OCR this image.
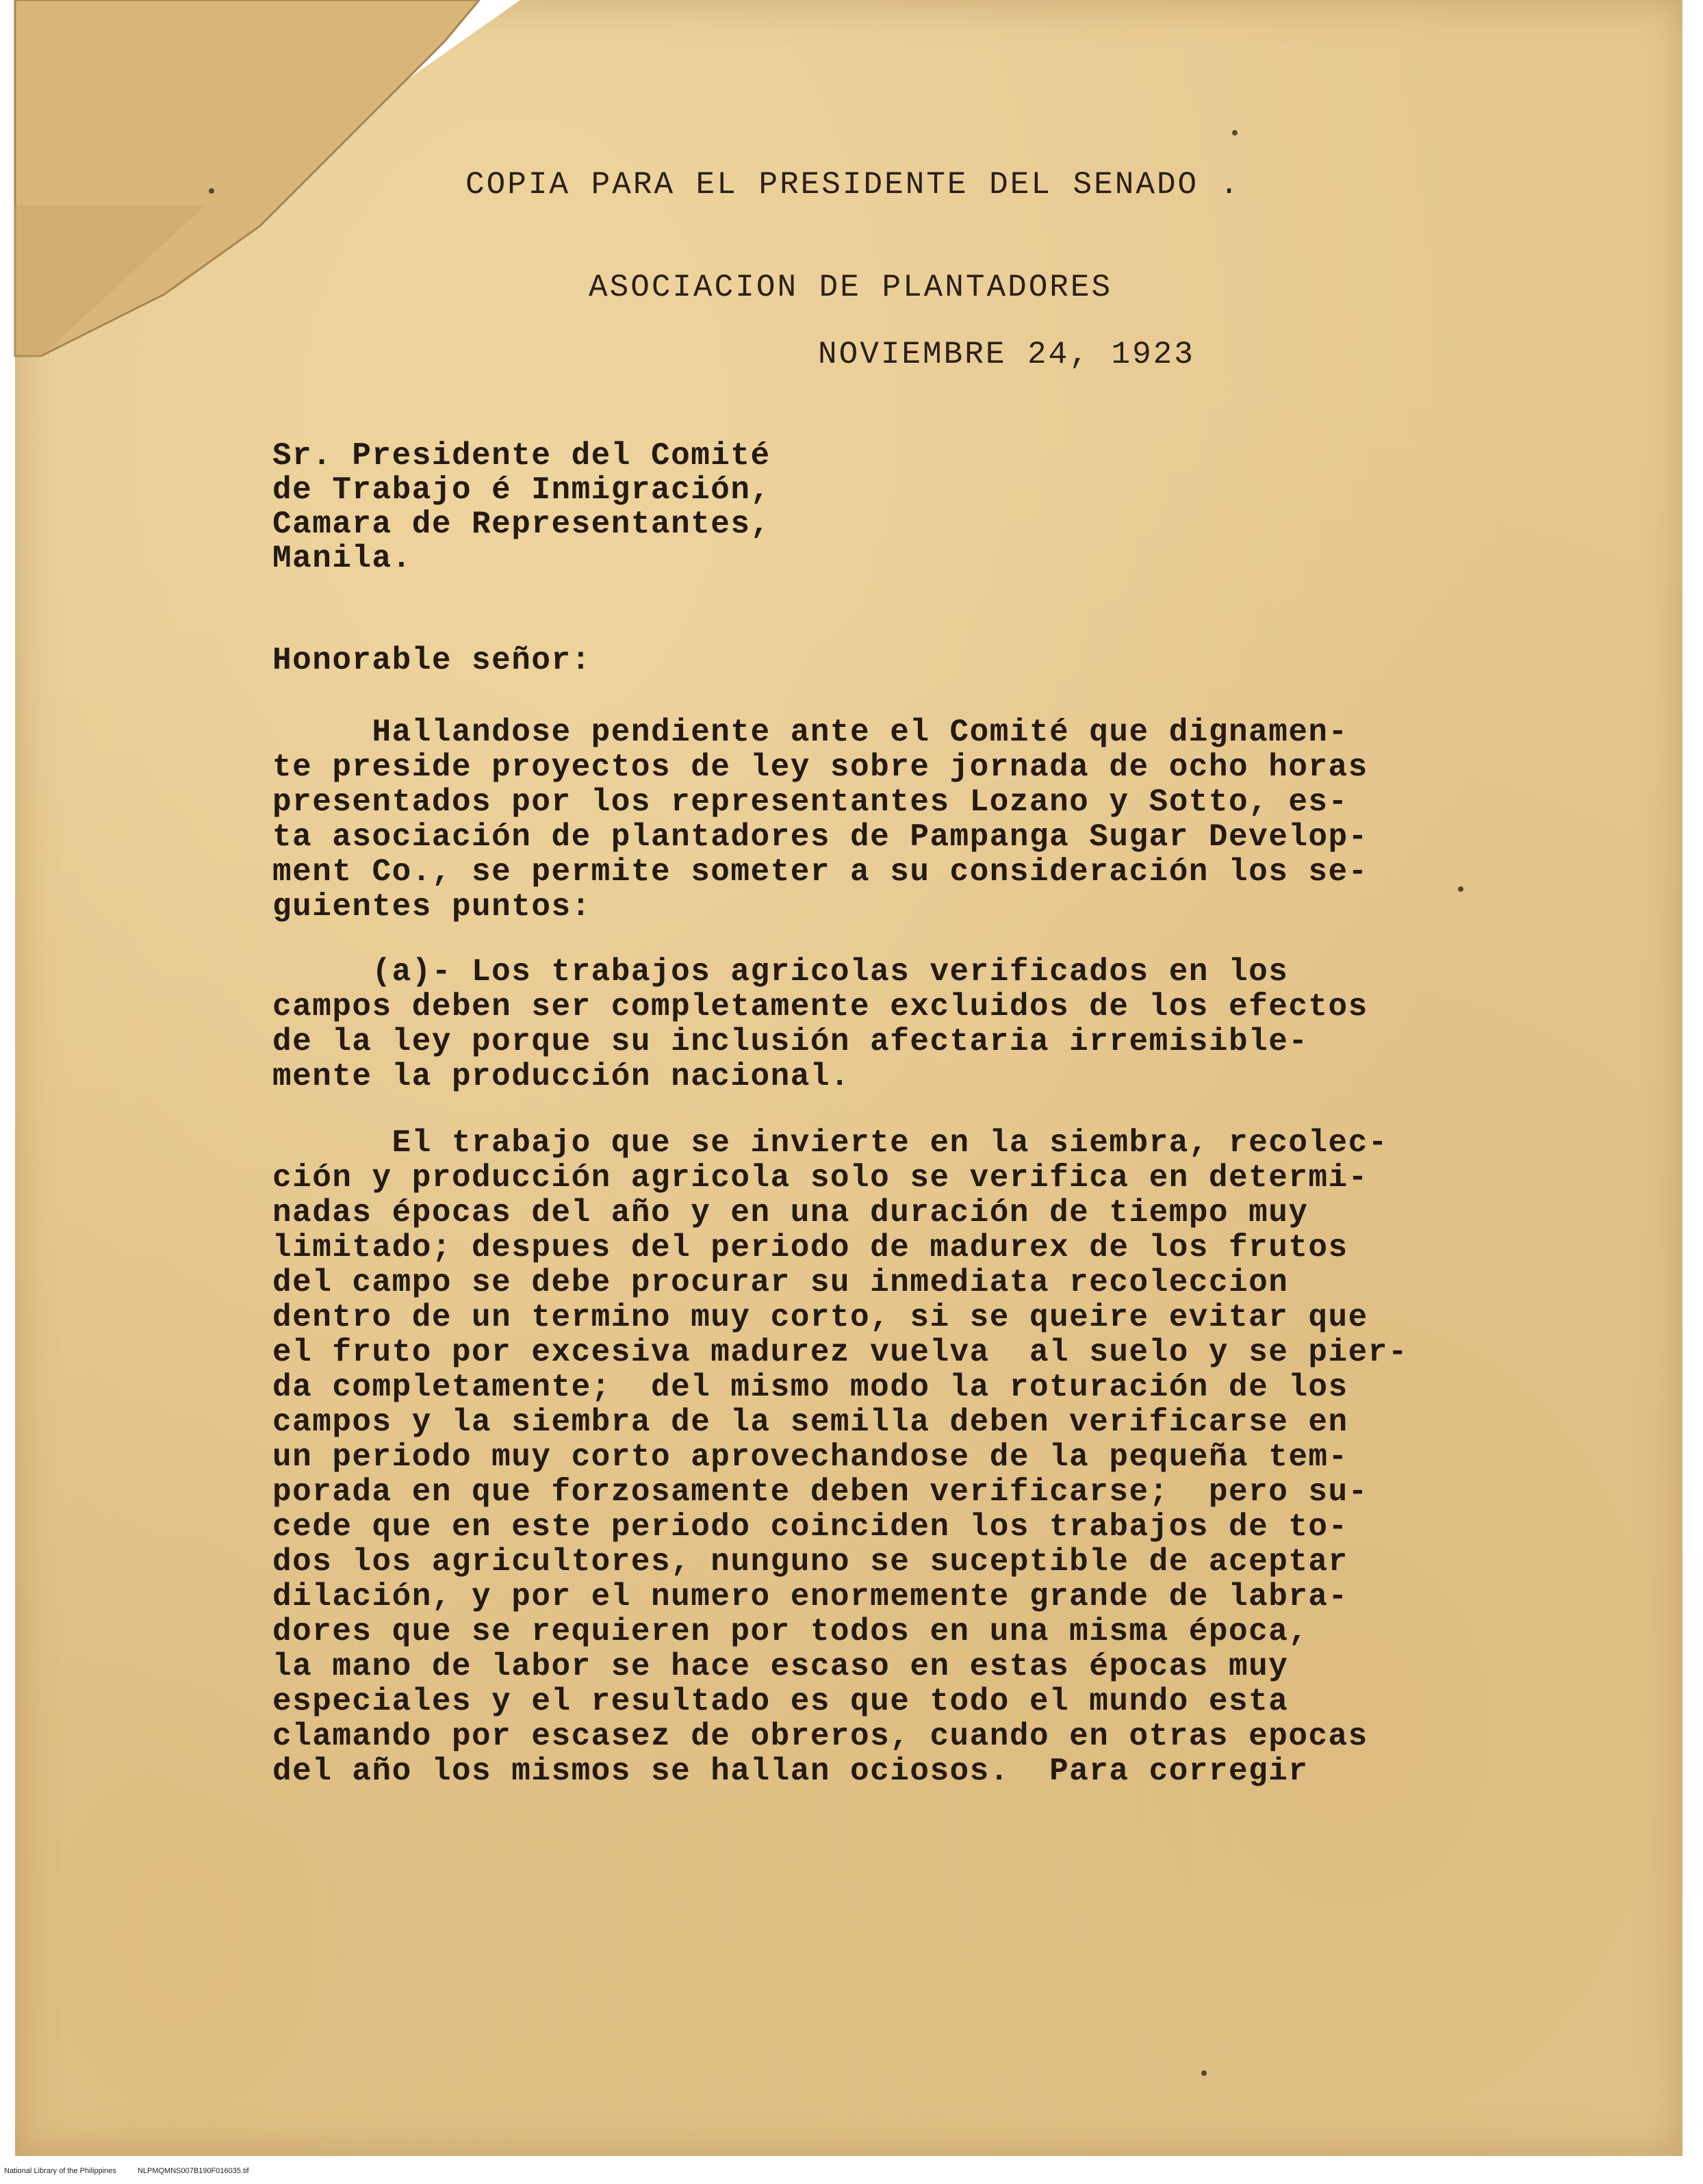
COPIA PARA EL PRESIDENTE DEL SENADO .
ASOCIACION DE PLANTADORES
NOVIEMBRE 24, 1923
Sr. Presidente del Comité
de Trabajo é Inmigración,
Camara de Representantes,
Manila.
Honorable señor:
Hallandose pendiente ante el Comité que dignamen-
te preside proyectos de ley sobre jornada de ocho horas
presentados por los representantes Lozano y Sotto, es-
ta asociación de plantadores de Pampanga Sugar Develop-
ment Co., se permite someter a su consideración los se-
guientes puntos:
(a)- Los trabajos agricolas verificados en los
campos deben ser completamente excluidos de los efectos
de la ley porque su inclusión afectaria irremisible-
mente la producción nacional.
El trabajo que se invierte en la siembra, recolec-
ción y producción agricola solo se verifica en determi-
nadas épocas del año y en una duración de tiempo muy
limitado; despues del periodo de madurex de los frutos
del campo se debe procurar su inmediata recoleccion
dentro de un termino muy corto, si se queire evitar que
el fruto por excesiva madurez vuelva  al suelo y se pier-
da completamente;  del mismo modo la roturación de los
campos y la siembra de la semilla deben verificarse en
un periodo muy corto aprovechandose de la pequeña tem-
porada en que forzosamente deben verificarse;  pero su-
cede que en este periodo coinciden los trabajos de to-
dos los agricultores, nunguno se suceptible de aceptar
dilación, y por el numero enormemente grande de labra-
dores que se requieren por todos en una misma época,
la mano de labor se hace escaso en estas épocas muy
especiales y el resultado es que todo el mundo esta
clamando por escasez de obreros, cuando en otras epocas
del año los mismos se hallan ociosos.  Para corregir
National Library of the Philippines	NLPMQMNS007B190F016035.tif
